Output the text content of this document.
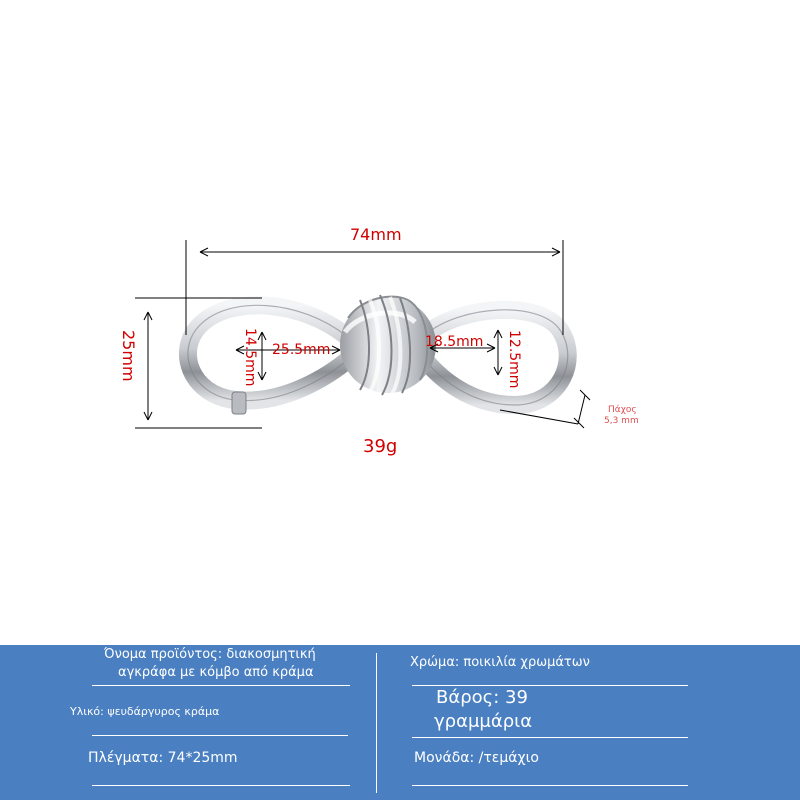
74mm
25mm	14.5mm 25.5mm	18.5mm 12.5mm
Πάχος
5,3 mm
39g
Όνομα προϊόντος: διακοσμητική
αγκράφα με κόμβο από κράμα
Χρώμα: ποικιλία χρωμάτων
Υλικό: ψευδάργυρος κράμα
Βάρος: 39
γραμμάρια
Πλέγματα: 74*25mm	Μονάδα: /τεμάχιο
